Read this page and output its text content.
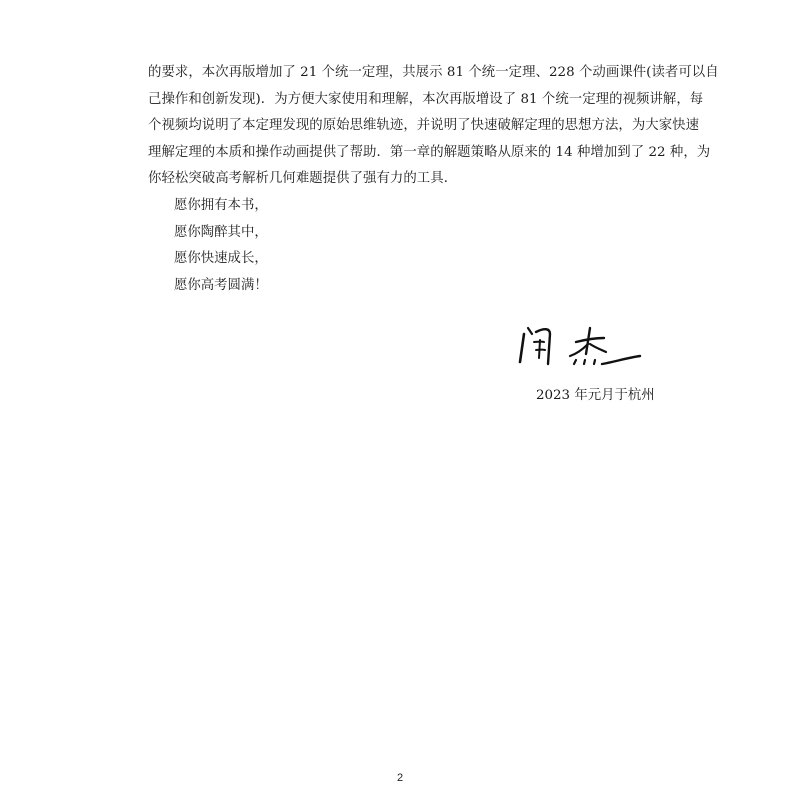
的要求，本次再版增加了 21 个统一定理，共展示 81 个统一定理、228 个动画课件(读者可以自
己操作和创新发现)．为方便大家使用和理解，本次再版增设了 81 个统一定理的视频讲解，每
个视频均说明了本定理发现的原始思维轨迹，并说明了快速破解定理的思想方法，为大家快速
理解定理的本质和操作动画提供了帮助．第一章的解题策略从原来的 14 种增加到了 22 种，为
你轻松突破高考解析几何难题提供了强有力的工具．
愿你拥有本书，
愿你陶醉其中，
愿你快速成长，
愿你高考圆满！
2023 年元月于杭州
2
